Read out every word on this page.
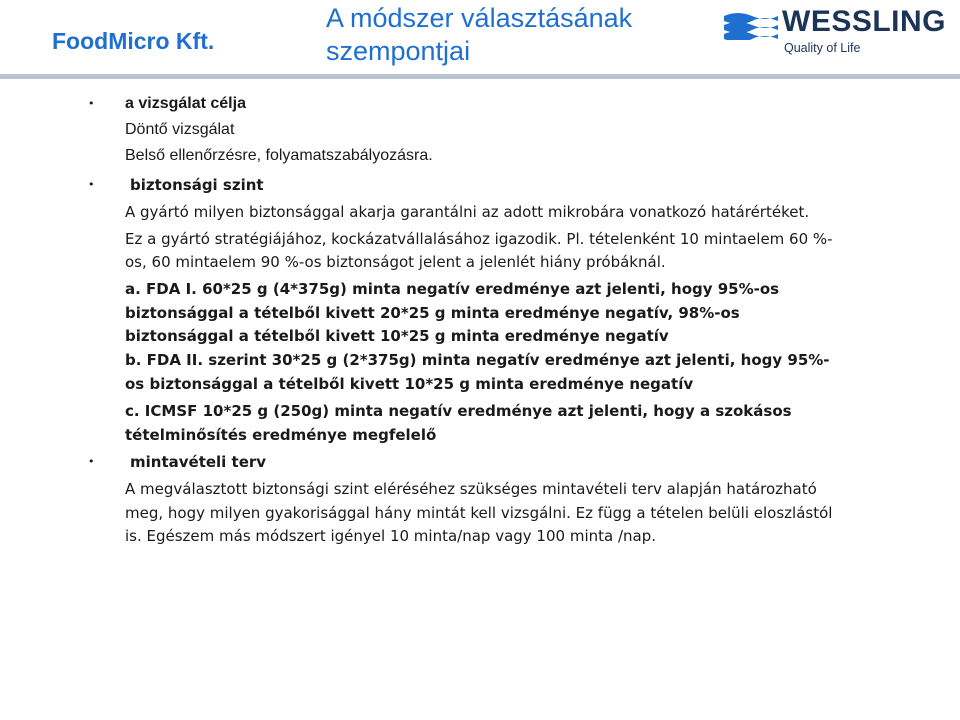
FoodMicro Kft.
A módszer választásának
szempontjai
WESSLING
Quality of Life
• a vizsgálat célja
Döntő vizsgálat
Belső ellenőrzésre, folyamatszabályozásra.
• biztonsági szint
A gyártó milyen biztonsággal akarja garantálni az adott mikrobára vonatkozó határértéket.
Ez a gyártó stratégiájához, kockázatvállalásához igazodik. Pl. tételenként 10 mintaelem 60 %-
os, 60 mintaelem 90 %-os biztonságot jelent a jelenlét hiány próbáknál.
a. FDA I. 60*25 g (4*375g) minta negatív eredménye azt jelenti, hogy 95%-os
biztonsággal a tételből kivett 20*25 g minta eredménye negatív, 98%-os
biztonsággal a tételből kivett 10*25 g minta eredménye negatív
b. FDA II. szerint 30*25 g (2*375g) minta negatív eredménye azt jelenti, hogy 95%-
os biztonsággal a tételből kivett 10*25 g minta eredménye negatív
c. ICMSF 10*25 g (250g) minta negatív eredménye azt jelenti, hogy a szokásos
tételminősítés eredménye megfelelő
• mintavételi terv
A megválasztott biztonsági szint eléréséhez szükséges mintavételi terv alapján határozható
meg, hogy milyen gyakorisággal hány mintát kell vizsgálni. Ez függ a tételen belüli eloszlástól
is. Egészem más módszert igényel 10 minta/nap vagy 100 minta /nap.
